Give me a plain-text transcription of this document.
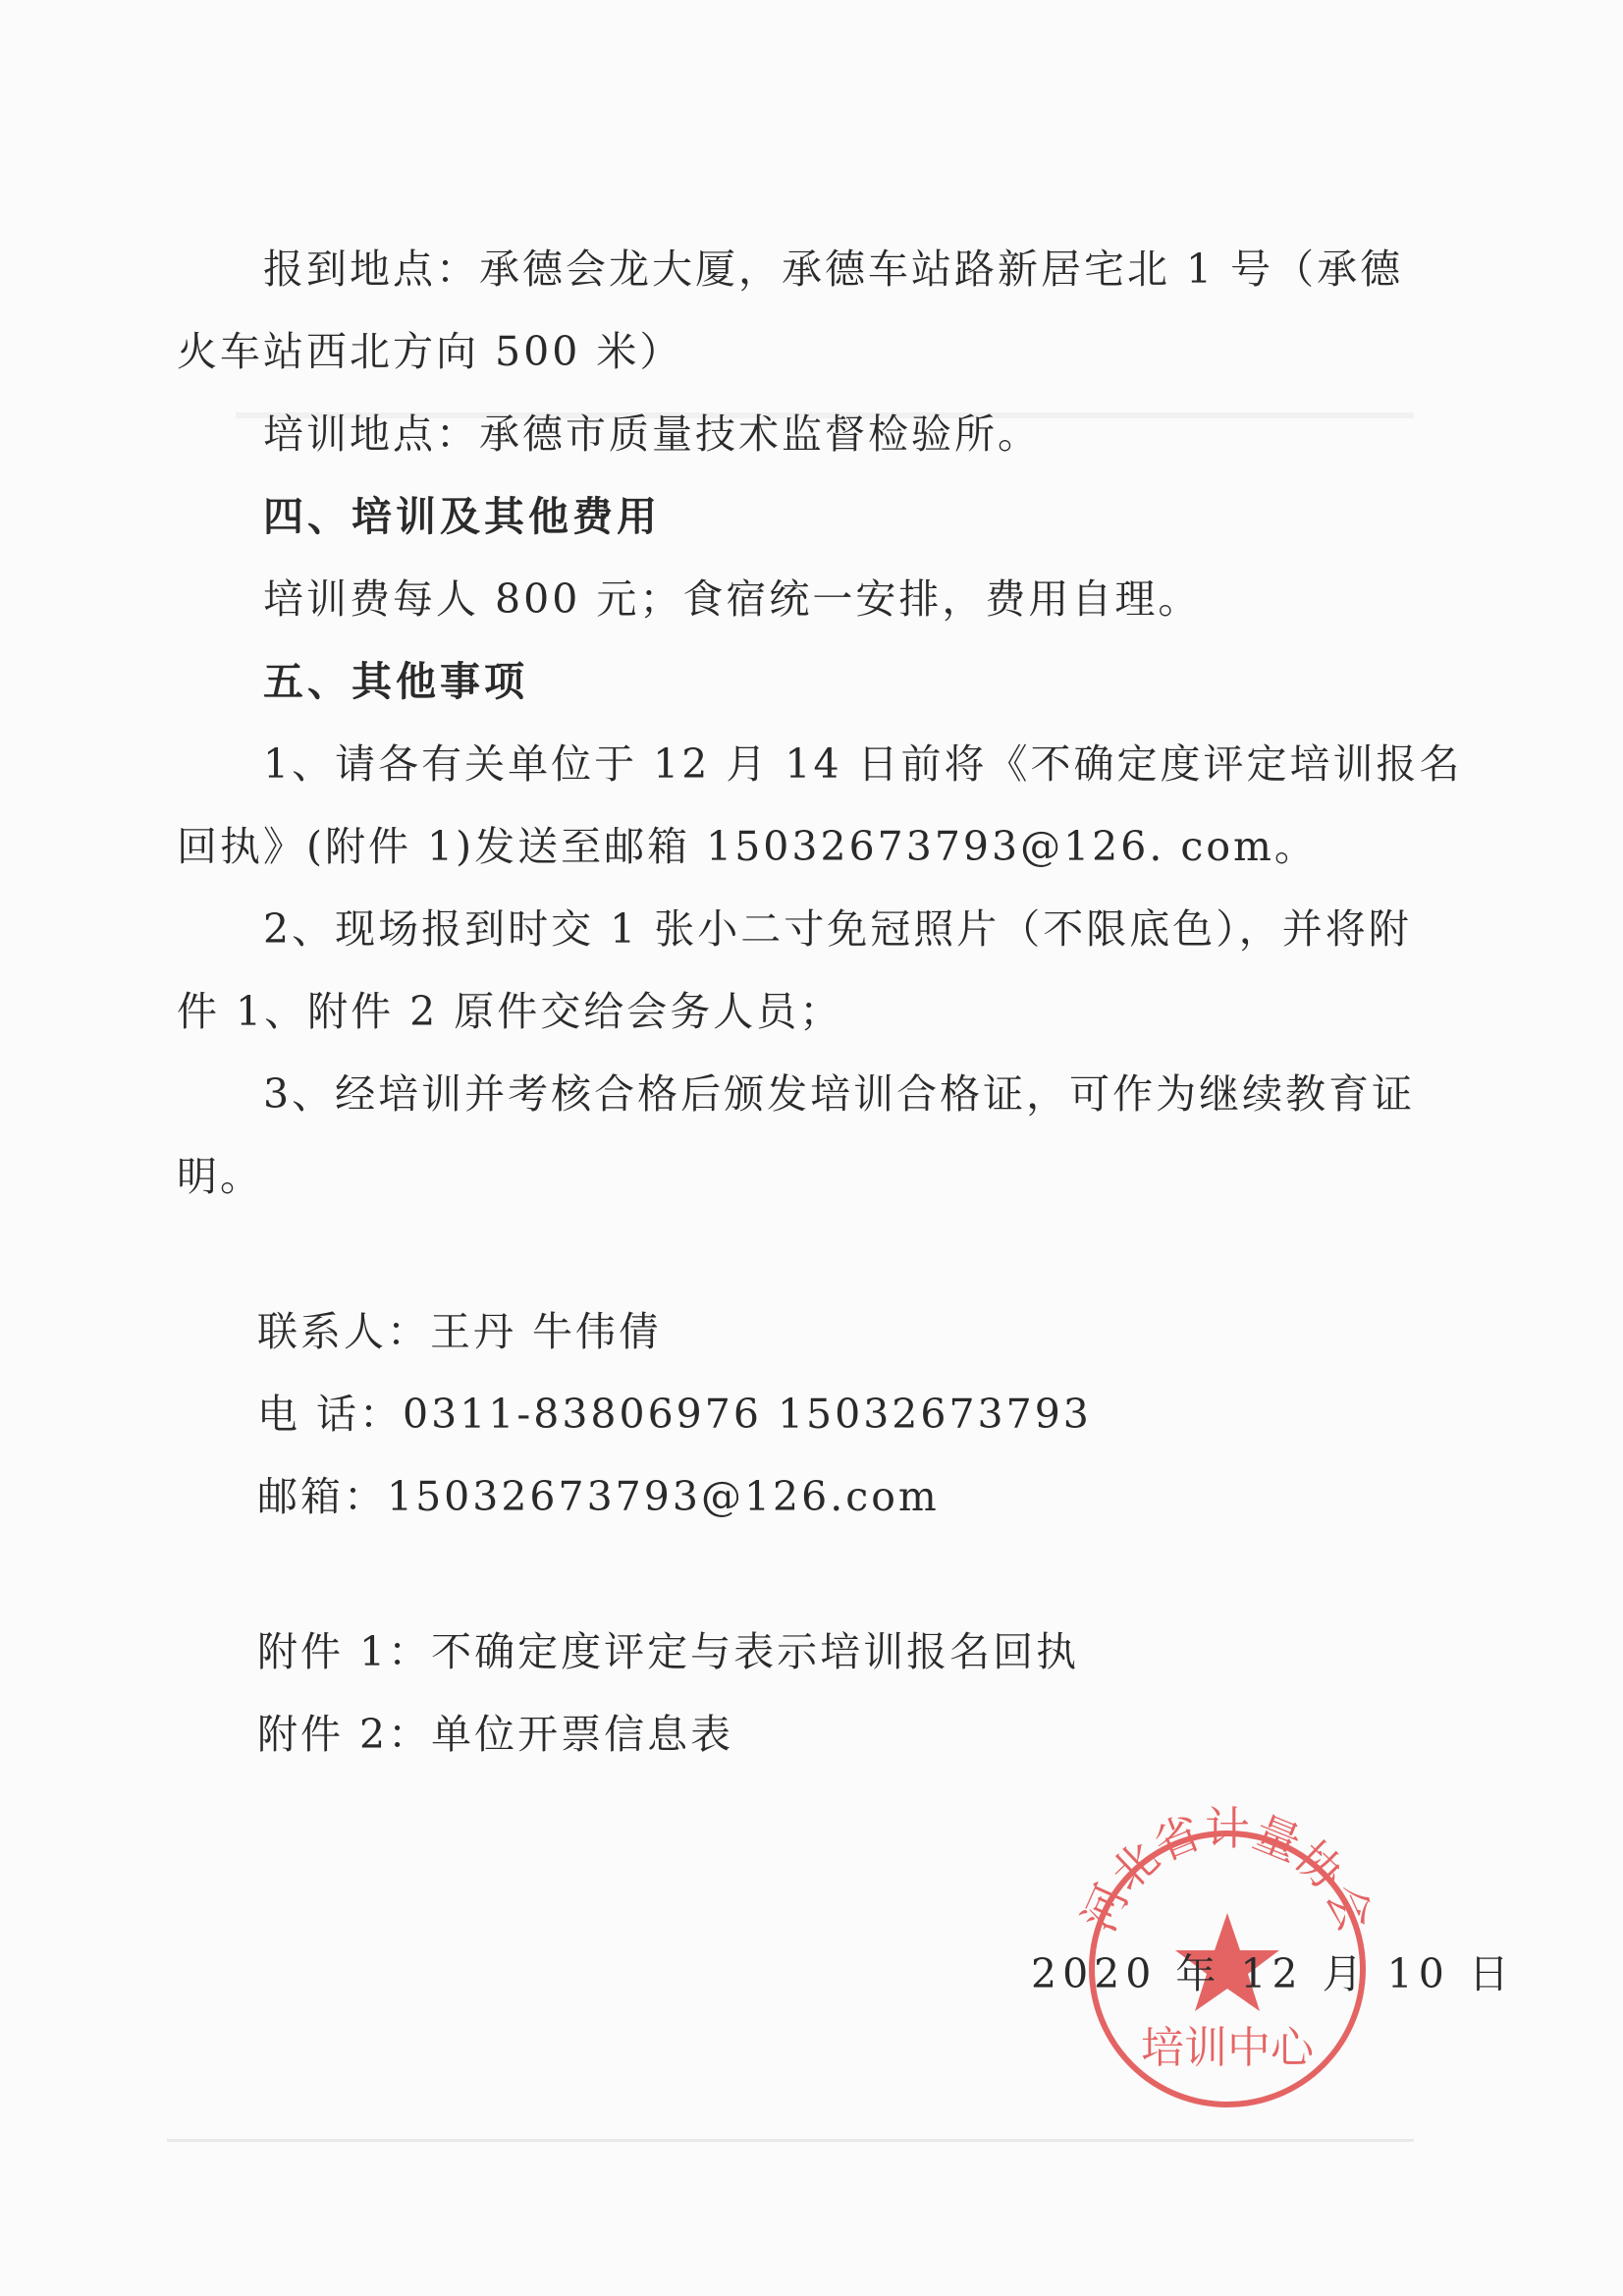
报到地点：承德会龙大厦，承德车站路新居宅北 1 号（承德
火车站西北方向 500 米）
培训地点：承德市质量技术监督检验所。
四、培训及其他费用
培训费每人 800 元；食宿统一安排，费用自理。
五、其他事项
1、请各有关单位于 12 月 14 日前将《不确定度评定培训报名
回执》(附件 1)发送至邮箱 15032673793@126. com。
2、现场报到时交 1 张小二寸免冠照片（不限底色），并将附
件 1、附件 2 原件交给会务人员；
3、经培训并考核合格后颁发培训合格证，可作为继续教育证
明。
联系人：王丹 牛伟倩
电 话：0311-83806976 15032673793
邮箱：15032673793@126.com
附件 1：不确定度评定与表示培训报名回执
附件 2：单位开票信息表
河北省计量协会
培训中心
2020 年 12 月 10 日
